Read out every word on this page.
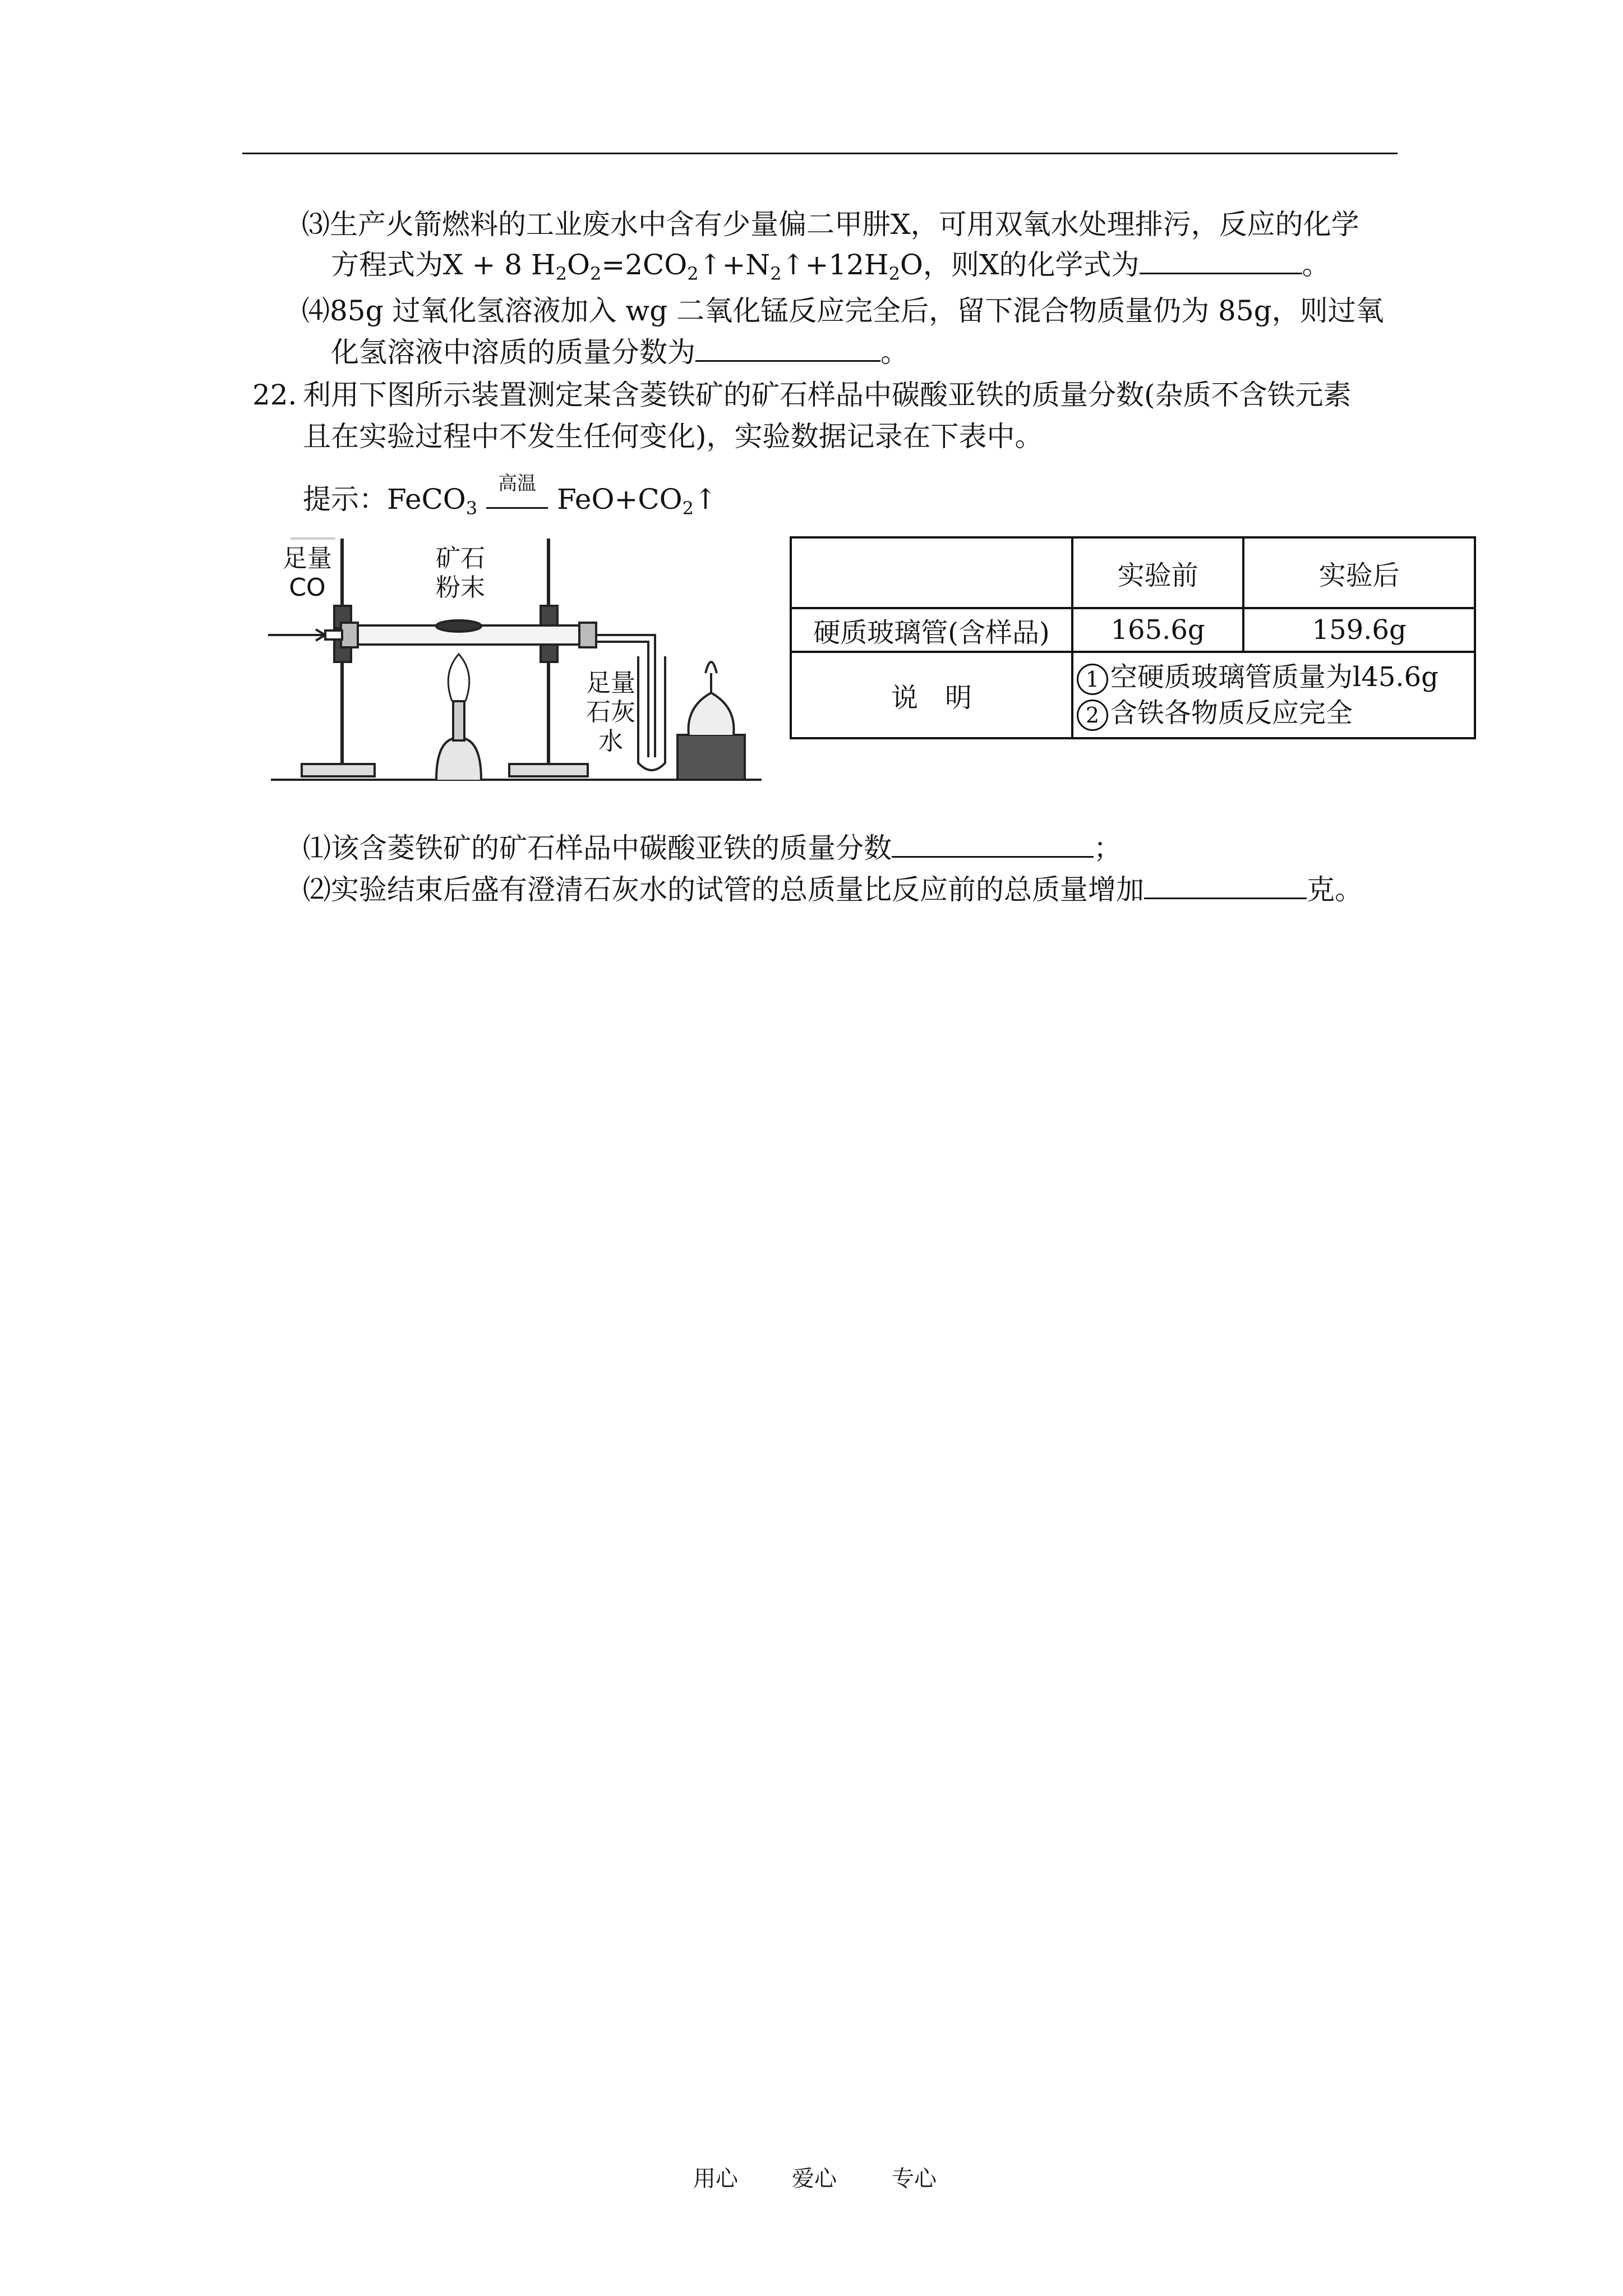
⑶生产火箭燃料的工业废水中含有少量偏二甲肼X，可用双氧水处理排污，反应的化学
方程式为X + 8 $H_2O_2=2CO_2↑+N_2↑+12H_2O$，则X的化学式为	。
⑷85g 过氧化氢溶液加入 wg 二氧化锰反应完全后，留下混合物质量仍为 85g，则过氧
化氢溶液中溶质的质量分数为	。
22．
利用下图所示装置测定某含菱铁矿的矿石样品中碳酸亚铁的质量分数(杂质不含铁元素
且在实验过程中不发生任何变化)，实验数据记录在下表中。
提示：FeCO$_3$
高温 $FeO+CO_2↑$
足量
CO
矿石
粉末
足量
石灰
水
	实验前	实验后
硬质玻璃管(含样品)	165.6g	159.6g
说　明	1 空硬质玻璃管质量为l45.6g
2 含铁各物质反应完全	
⑴该含菱铁矿的矿石样品中碳酸亚铁的质量分数	；
⑵实验结束后盛有澄清石灰水的试管的总质量比反应前的总质量增加	克。
用心 爱心 专心
